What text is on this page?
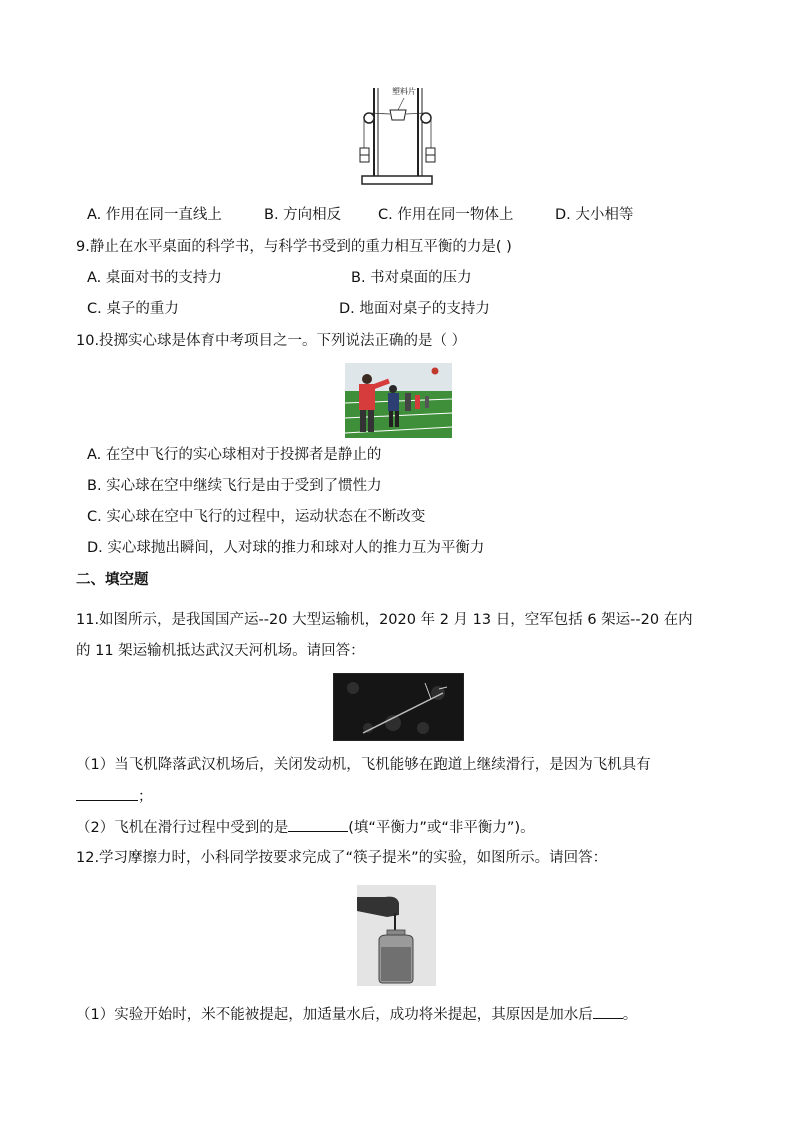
塑料片
A. 作用在同一直线上	B. 方向相反	C. 作用在同一物体上	D. 大小相等
9.静止在水平桌面的科学书，与科学书受到的重力相互平衡的力是( )
A. 桌面对书的支持力	B. 书对桌面的压力
C. 桌子的重力	D. 地面对桌子的支持力
10.投掷实心球是体育中考项目之一。下列说法正确的是（ ）
A. 在空中飞行的实心球相对于投掷者是静止的
B. 实心球在空中继续飞行是由于受到了惯性力
C. 实心球在空中飞行的过程中，运动状态在不断改变
D. 实心球抛出瞬间，人对球的推力和球对人的推力互为平衡力
二、填空题
11.如图所示，是我国国产运--20 大型运输机，2020 年 2 月 13 日，空军包括 6 架运--20 在内
的 11 架运输机抵达武汉天河机场。请回答：
（1）当飞机降落武汉机场后，关闭发动机，飞机能够在跑道上继续滑行，是因为飞机具有
；
（2）飞机在滑行过程中受到的是	(填“平衡力”或“非平衡力”)。
12.学习摩擦力时，小科同学按要求完成了“筷子提米”的实验，如图所示。请回答：
（1）实验开始时，米不能被提起，加适量水后，成功将米提起，其原因是加水后 。
